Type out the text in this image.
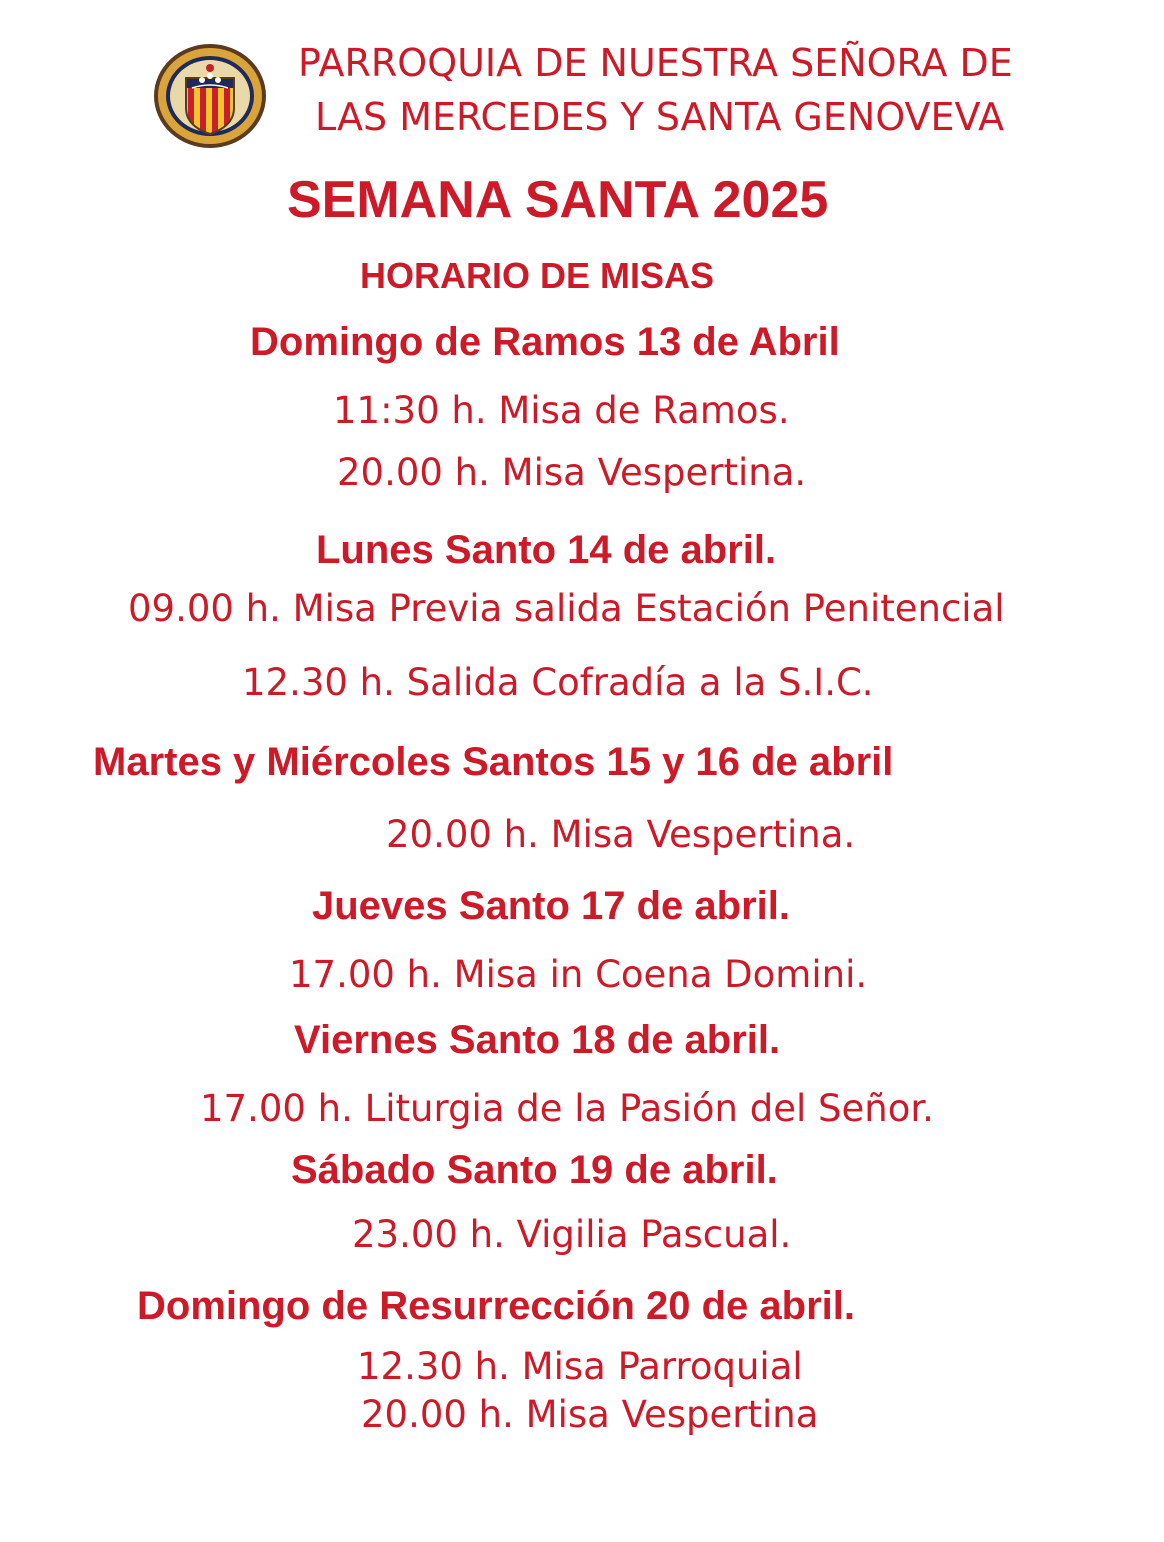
PARROQUIA DE NUESTRA SEÑORA DE
LAS MERCEDES Y SANTA GENOVEVA
SEMANA SANTA 2025
HORARIO DE MISAS
Domingo de Ramos 13 de Abril
11:30 h. Misa de Ramos.
20.00 h. Misa Vespertina.
Lunes Santo 14 de abril.
09.00 h. Misa Previa salida Estación Penitencial
12.30 h. Salida Cofradía a la S.I.C.
Martes y Miércoles Santos 15 y 16 de abril
20.00 h. Misa Vespertina.
Jueves Santo 17 de abril.
17.00 h. Misa in Coena Domini.
Viernes Santo 18 de abril.
17.00 h. Liturgia de la Pasión del Señor.
Sábado Santo 19 de abril.
23.00 h. Vigilia Pascual.
Domingo de Resurrección 20 de abril.
12.30 h. Misa Parroquial
20.00 h. Misa Vespertina
